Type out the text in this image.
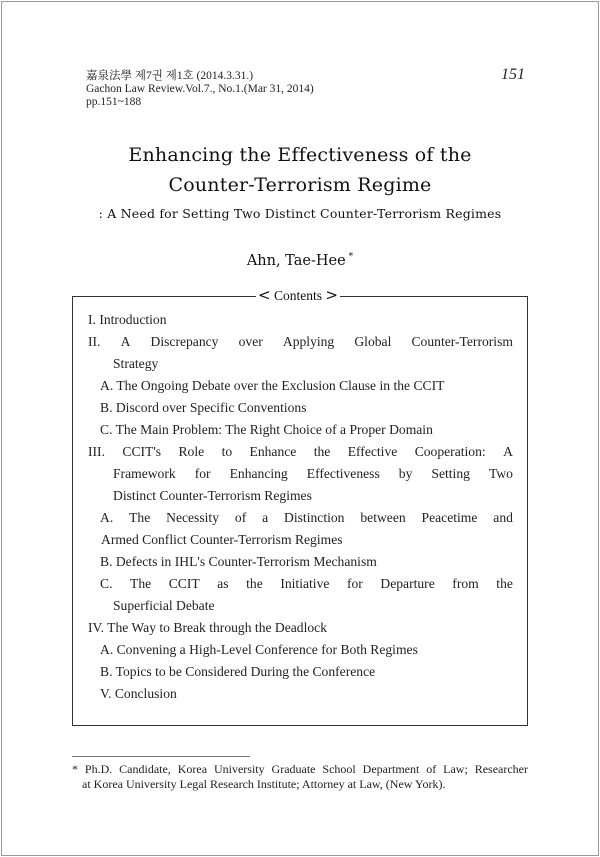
嘉泉法學 제7권 제1호 (2014.3.31.)
Gachon Law Review.Vol.7., No.1.(Mar 31, 2014)
pp.151~188
151
Enhancing the Effectiveness of the
Counter-Terrorism Regime
: A Need for Setting Two Distinct Counter-Terrorism Regimes
Ahn, Tae-Hee *
< Contents >
I. Introduction
II. A Discrepancy over Applying Global Counter-Terrorism
Strategy
A. The Ongoing Debate over the Exclusion Clause in the CCIT
B. Discord over Specific Conventions
C. The Main Problem: The Right Choice of a Proper Domain
III. CCIT's Role to Enhance the Effective Cooperation: A
Framework for Enhancing Effectiveness by Setting Two
Distinct Counter-Terrorism Regimes
A. The Necessity of a Distinction between Peacetime and
Armed Conflict Counter-Terrorism Regimes
B. Defects in IHL's Counter-Terrorism Mechanism
C. The CCIT as the Initiative for Departure from the
Superficial Debate
IV. The Way to Break through the Deadlock
A. Convening a High-Level Conference for Both Regimes
B. Topics to be Considered During the Conference
V. Conclusion
* Ph.D. Candidate, Korea University Graduate School Department of Law; Researcher
at Korea University Legal Research Institute; Attorney at Law, (New York).
